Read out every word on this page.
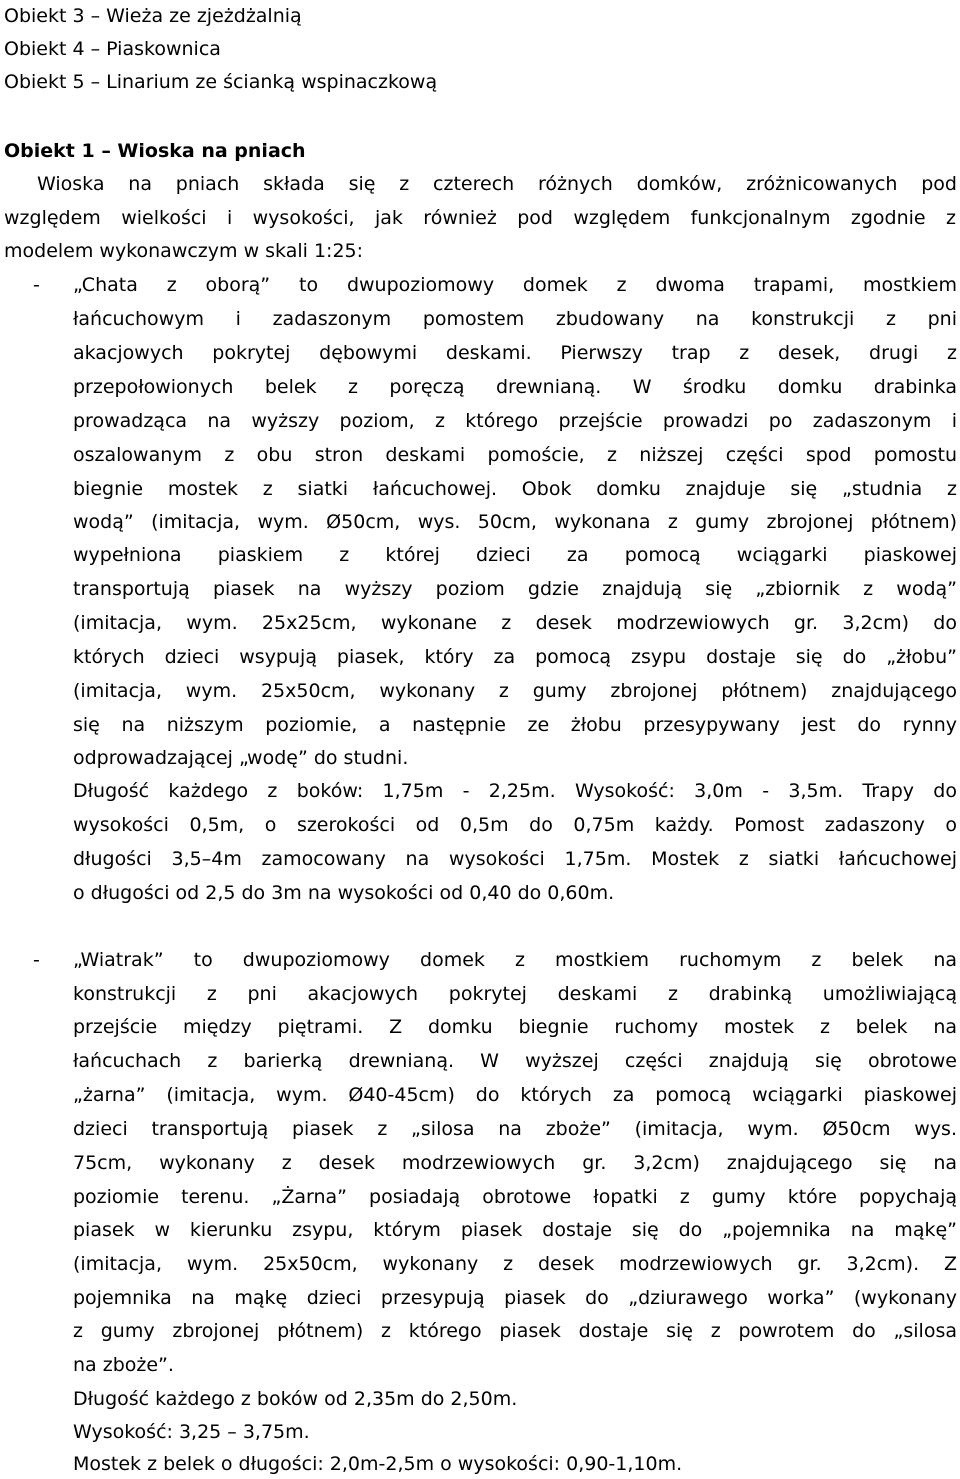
Obiekt 3 – Wieża ze zjeżdżalnią
Obiekt 4 – Piaskownica
Obiekt 5 – Linarium ze ścianką wspinaczkową
Obiekt 1 – Wioska na pniach
Wioska na pniach składa się z czterech różnych domków, zróżnicowanych pod
względem wielkości i wysokości, jak również pod względem funkcjonalnym zgodnie z
modelem wykonawczym w skali 1:25:
- „Chata z oborą” to dwupoziomowy domek z dwoma trapami, mostkiem
łańcuchowym i zadaszonym pomostem zbudowany na konstrukcji z pni
akacjowych pokrytej dębowymi deskami. Pierwszy trap z desek, drugi z
przepołowionych belek z poręczą drewnianą. W środku domku drabinka
prowadząca na wyższy poziom, z którego przejście prowadzi po zadaszonym i
oszalowanym z obu stron deskami pomoście, z niższej części spod pomostu
biegnie mostek z siatki łańcuchowej. Obok domku znajduje się „studnia z
wodą” (imitacja, wym. Ø50cm, wys. 50cm, wykonana z gumy zbrojonej płótnem)
wypełniona piaskiem z której dzieci za pomocą wciągarki piaskowej
transportują piasek na wyższy poziom gdzie znajdują się „zbiornik z wodą”
(imitacja, wym. 25x25cm, wykonane z desek modrzewiowych gr. 3,2cm) do
których dzieci wsypują piasek, który za pomocą zsypu dostaje się do „żłobu”
(imitacja, wym. 25x50cm, wykonany z gumy zbrojonej płótnem) znajdującego
się na niższym poziomie, a następnie ze żłobu przesypywany jest do rynny
odprowadzającej „wodę” do studni.
Długość każdego z boków: 1,75m - 2,25m. Wysokość: 3,0m - 3,5m. Trapy do
wysokości 0,5m, o szerokości od 0,5m do 0,75m każdy. Pomost zadaszony o
długości 3,5–4m zamocowany na wysokości 1,75m. Mostek z siatki łańcuchowej
o długości od 2,5 do 3m na wysokości od 0,40 do 0,60m.
- „Wiatrak” to dwupoziomowy domek z mostkiem ruchomym z belek na
konstrukcji z pni akacjowych pokrytej deskami z drabinką umożliwiającą
przejście między piętrami. Z domku biegnie ruchomy mostek z belek na
łańcuchach z barierką drewnianą. W wyższej części znajdują się obrotowe
„żarna” (imitacja, wym. Ø40-45cm) do których za pomocą wciągarki piaskowej
dzieci transportują piasek z „silosa na zboże” (imitacja, wym. Ø50cm wys.
75cm, wykonany z desek modrzewiowych gr. 3,2cm) znajdującego się na
poziomie terenu. „Żarna” posiadają obrotowe łopatki z gumy które popychają
piasek w kierunku zsypu, którym piasek dostaje się do „pojemnika na mąkę”
(imitacja, wym. 25x50cm, wykonany z desek modrzewiowych gr. 3,2cm). Z
pojemnika na mąkę dzieci przesypują piasek do „dziurawego worka” (wykonany
z gumy zbrojonej płótnem) z którego piasek dostaje się z powrotem do „silosa
na zboże”.
Długość każdego z boków od 2,35m do 2,50m.
Wysokość: 3,25 – 3,75m.
Mostek z belek o długości: 2,0m-2,5m o wysokości: 0,90-1,10m.
